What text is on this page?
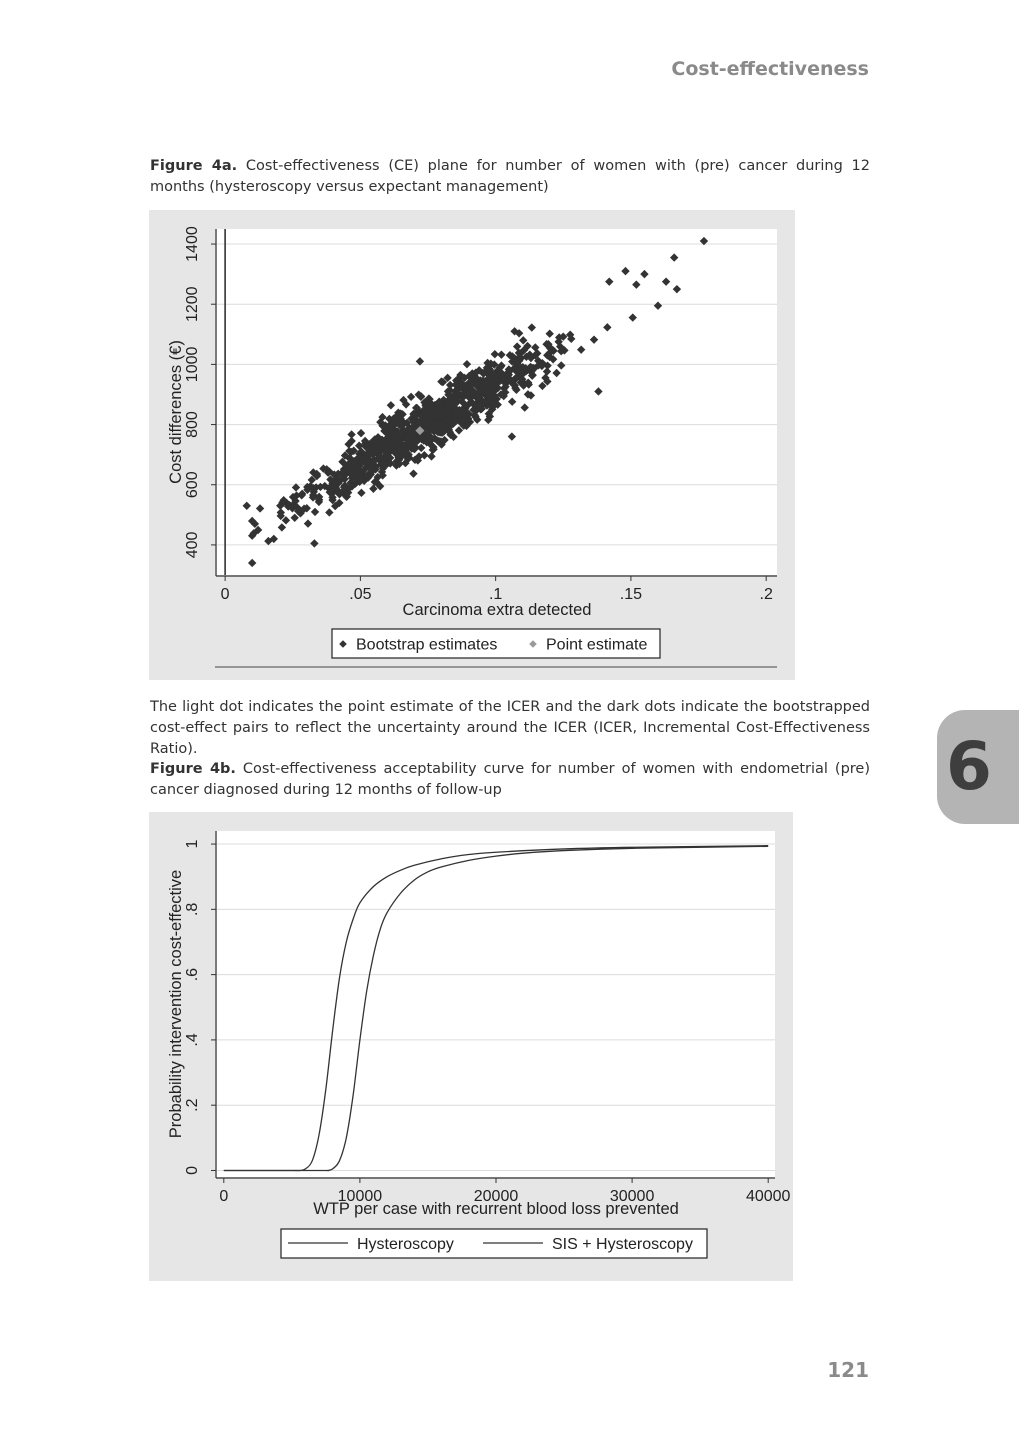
Cost-effectiveness
Figure 4a. Cost-effectiveness (CE) plane for number of women with (pre) cancer during 12 months (hysteroscopy versus expectant management)
0	.05	.1	.15	.2
400
600
800
1000
1200
1400
Carcinoma extra detected
Cost differences (€)
Bootstrap estimates	Point estimate
The light dot indicates the point estimate of the ICER and the dark dots indicate the bootstrapped cost-effect pairs to reflect the uncertainty around the ICER (ICER, Incremental Cost-Effectiveness Ratio).
Figure 4b. Cost-effectiveness acceptability curve for number of women with endometrial (pre) cancer diagnosed during 12 months of follow-up
0	10000	20000	30000	40000
0
.2
.4
.6
.8
1
WTP per case with recurrent blood loss prevented
Probability intervention cost-effective
Hysteroscopy	SIS + Hysteroscopy
6
121
